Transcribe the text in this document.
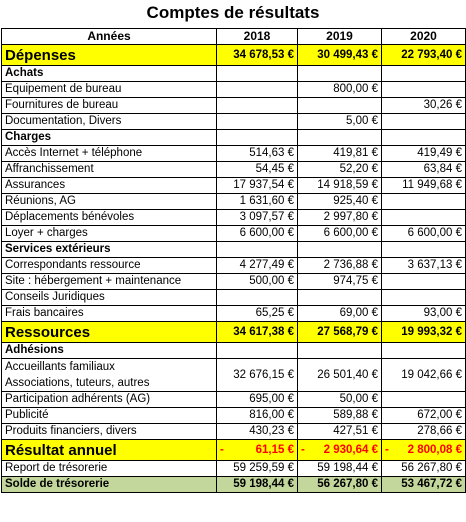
Comptes de résultats
Années	2018	2019	2020
Dépenses	34 678,53 €	30 499,43 €	22 793,40 €
Achats			
Equipement de bureau		800,00 €	
Fournitures de bureau			30,26 €
Documentation, Divers		5,00 €	
Charges			
Accès Internet + téléphone	514,63 €	419,81 €	419,49 €
Affranchissement	54,45 €	52,20 €	63,84 €
Assurances	17 937,54 €	14 918,59 €	11 949,68 €
Réunions, AG	1 631,60 €	925,40 €	
Déplacements bénévoles	3 097,57 €	2 997,80 €	
Loyer + charges	6 600,00 €	6 600,00 €	6 600,00 €
Services extérieurs			
Correspondants ressource	4 277,49 €	2 736,88 €	3 637,13 €
Site : hébergement + maintenance	500,00 €	974,75 €	
Conseils Juridiques			
Frais bancaires	65,25 €	69,00 €	93,00 €
Ressources	34 617,38 €	27 568,79 €	19 993,32 €
Adhésions			

Accueillants familiaux
Associations, tuteurs, autres	32 676,15 €	26 501,40 €	19 042,66 €
Participation adhérents (AG)	695,00 €	50,00 €	
Publicité	816,00 €	589,88 €	672,00 €
Produits financiers, divers	430,23 €	427,51 €	278,66 €
Résultat annuel	- 61,15 €	- 2 930,64 €	- 2 800,08 €
Report de trésorerie	59 259,59 €	59 198,44 €	56 267,80 €
Solde de trésorerie	59 198,44 €	56 267,80 €	53 467,72 €
